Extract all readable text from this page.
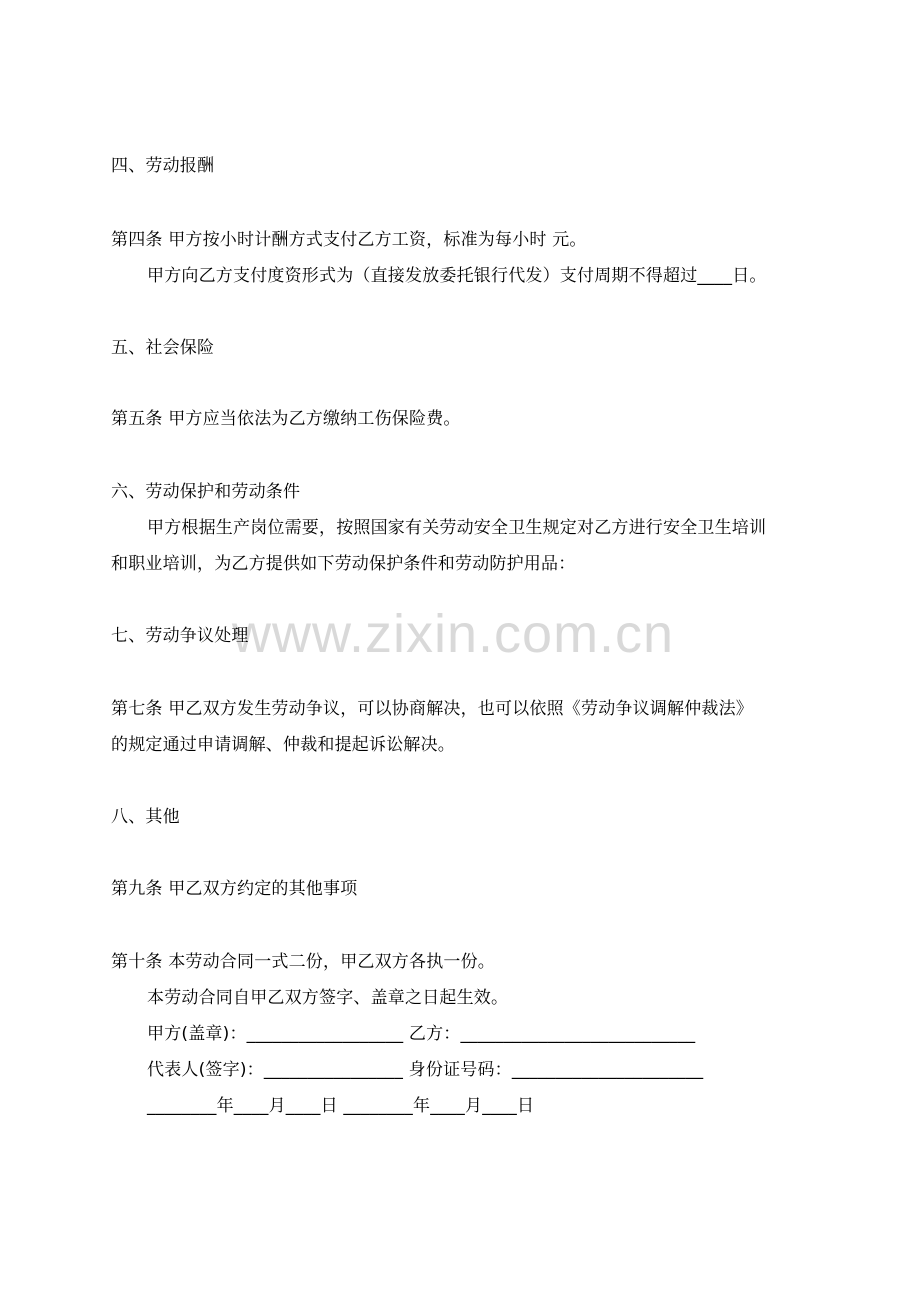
www.zixin.com.cn
四、劳动报酬
第四条 甲方按小时计酬方式支付乙方工资，标准为每小时 元。
甲方向乙方支付度资形式为（直接发放委托银行代发）支付周期不得超过____日。
五、社会保险
第五条 甲方应当依法为乙方缴纳工伤保险费。
六、劳动保护和劳动条件
甲方根据生产岗位需要，按照国家有关劳动安全卫生规定对乙方进行安全卫生培训
和职业培训，为乙方提供如下劳动保护条件和劳动防护用品：
七、劳动争议处理
第七条 甲乙双方发生劳动争议，可以协商解决，也可以依照《劳动争议调解仲裁法》
的规定通过申请调解、仲裁和提起诉讼解决。
八、其他
第九条 甲乙双方约定的其他事项
第十条 本劳动合同一式二份，甲乙双方各执一份。
本劳动合同自甲乙双方签字、盖章之日起生效。
甲方(盖章)：__________________ 乙方：___________________________
代表人(签字)：________________ 身份证号码：______________________
________年____月____日 ________年____月____日
